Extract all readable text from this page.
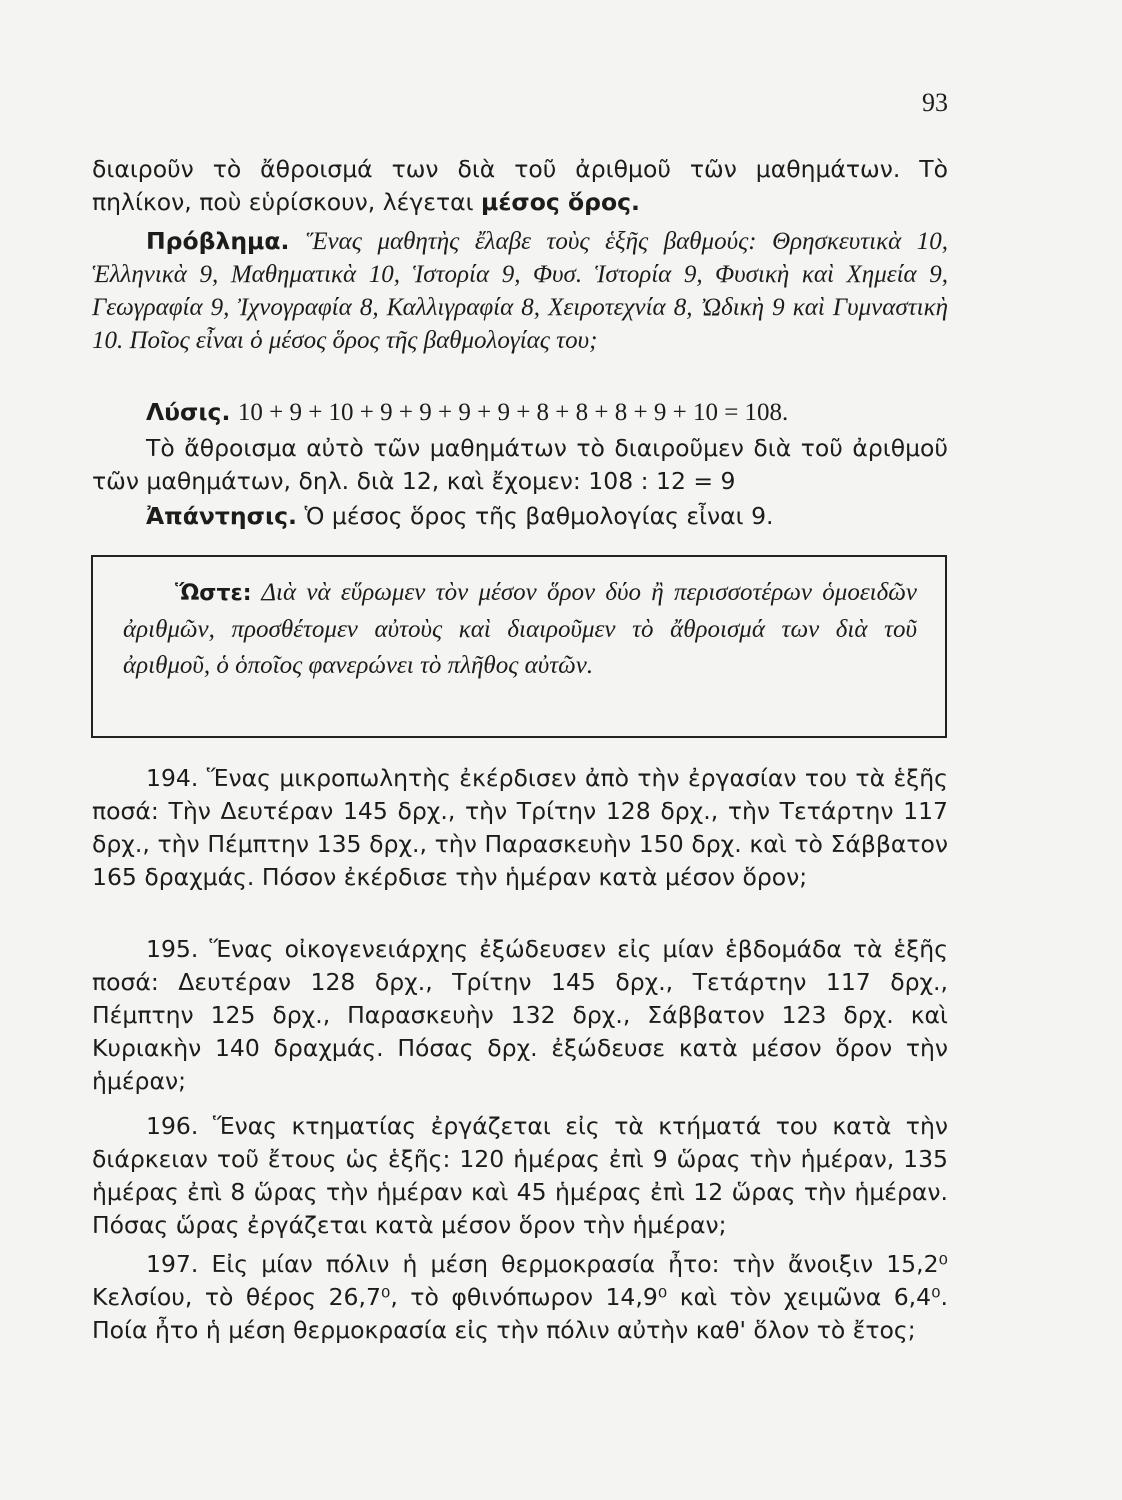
93

διαιροῦν τὸ ἄθροισμά των διὰ τοῦ ἀριθμοῦ τῶν μαθημάτων. Τὸ πηλίκον, ποὺ εὑρίσκουν, λέγεται μέσος ὅρος.

Πρόβλημα. Ἕνας μαθητὴς ἔλαβε τοὺς ἑξῆς βαθμούς: Θρησκευτικὰ 10, Ἑλληνικὰ 9, Μαθηματικὰ 10, Ἱστορία 9, Φυσ. Ἱστορία 9, Φυσικὴ καὶ Χημεία 9, Γεωγραφία 9, Ἰχνογραφία 8, Καλλιγραφία 8, Χειροτεχνία 8, Ὠδικὴ 9 καὶ Γυμναστικὴ 10. Ποῖος εἶναι ὁ μέσος ὅρος τῆς βαθμολογίας του;

Λύσις. 10 + 9 + 10 + 9 + 9 + 9 + 9 + 8 + 8 + 8 + 9 + 10 = 108.

Τὸ ἄθροισμα αὐτὸ τῶν μαθημάτων τὸ διαιροῦμεν διὰ τοῦ ἀριθμοῦ τῶν μαθημάτων, δηλ. διὰ 12, καὶ ἔχομεν: 108 : 12 = 9

Ἀπάντησις. Ὁ μέσος ὅρος τῆς βαθμολογίας εἶναι 9.

Ὥστε: Διὰ νὰ εὕρωμεν τὸν μέσον ὅρον δύο ἢ περισσοτέρων ὁμοειδῶν ἀριθμῶν, προσθέτομεν αὐτοὺς καὶ διαιροῦμεν τὸ ἄθροισμά των διὰ τοῦ ἀριθμοῦ, ὁ ὁποῖος φανερώνει τὸ πλῆθος αὐτῶν.

194. Ἕνας μικροπωλητὴς ἐκέρδισεν ἀπὸ τὴν ἐργασίαν του τὰ ἑξῆς ποσά: Τὴν Δευτέραν 145 δρχ., τὴν Τρίτην 128 δρχ., τὴν Τετάρτην 117 δρχ., τὴν Πέμπτην 135 δρχ., τὴν Παρασκευὴν 150 δρχ. καὶ τὸ Σάββατον 165 δραχμάς. Πόσον ἐκέρδισε τὴν ἡμέραν κατὰ μέσον ὅρον;

195. Ἕνας οἰκογενειάρχης ἐξώδευσεν εἰς μίαν ἑβδομάδα τὰ ἑξῆς ποσά: Δευτέραν 128 δρχ., Τρίτην 145 δρχ., Τετάρτην 117 δρχ., Πέμπτην 125 δρχ., Παρασκευὴν 132 δρχ., Σάββατον 123 δρχ. καὶ Κυριακὴν 140 δραχμάς. Πόσας δρχ. ἐξώδευσε κατὰ μέσον ὅρον τὴν ἡμέραν;

196. Ἕνας κτηματίας ἐργάζεται εἰς τὰ κτήματά του κατὰ τὴν διάρκειαν τοῦ ἔτους ὡς ἑξῆς: 120 ἡμέρας ἐπὶ 9 ὥρας τὴν ἡμέραν, 135 ἡμέρας ἐπὶ 8 ὥρας τὴν ἡμέραν καὶ 45 ἡμέρας ἐπὶ 12 ὥρας τὴν ἡμέραν. Πόσας ὥρας ἐργάζεται κατὰ μέσον ὅρον τὴν ἡμέραν;

197. Εἰς μίαν πόλιν ἡ μέση θερμοκρασία ἦτο: τὴν ἄνοιξιν 15,2⁰ Κελσίου, τὸ θέρος 26,7⁰, τὸ φθινόπωρον 14,9⁰ καὶ τὸν χειμῶνα 6,4⁰. Ποία ἦτο ἡ μέση θερμοκρασία εἰς τὴν πόλιν αὐτὴν καθ' ὅλον τὸ ἔτος;
